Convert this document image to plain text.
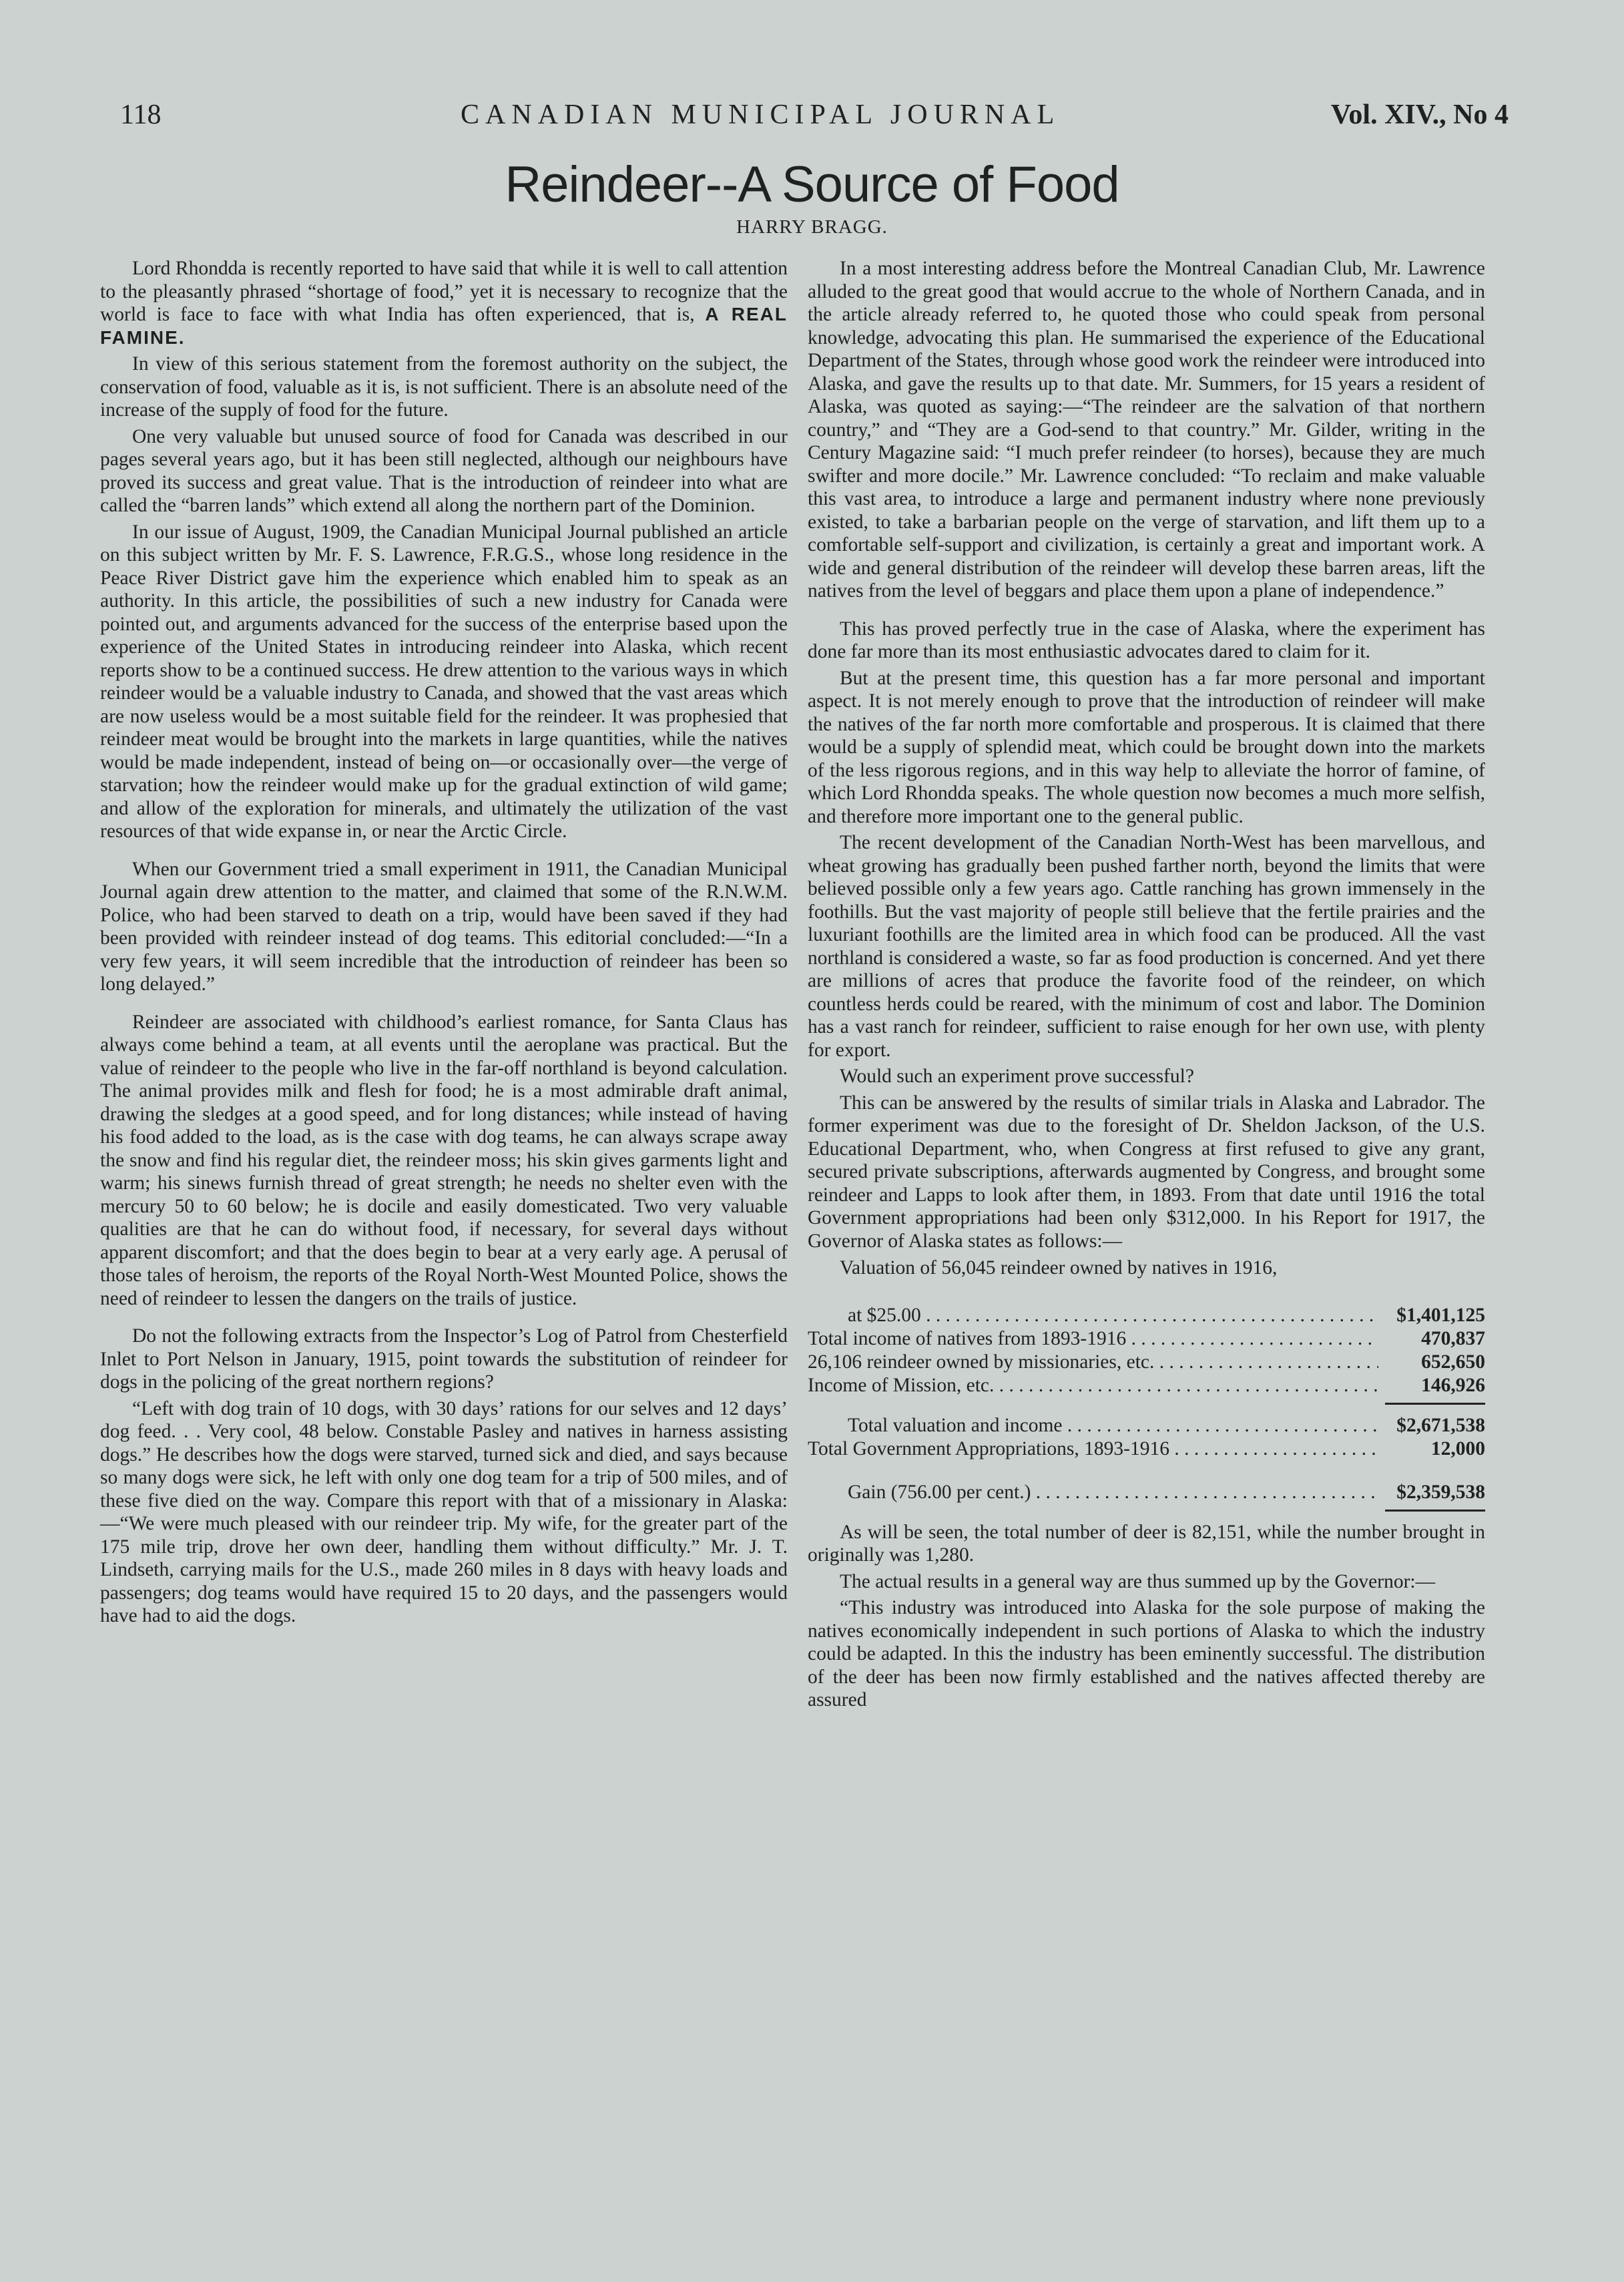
118	CANADIAN MUNICIPAL JOURNAL	Vol. XIV., No 4
Reindeer--A Source of Food
HARRY BRAGG.

Lord Rhondda is recently reported to have said that while it is well to call attention to the pleasantly phrased “shortage of food,” yet it is necessary to recognize that the world is face to face with what India has often experienced, that is, A REAL FAMINE.

In view of this serious statement from the foremost authority on the subject, the conservation of food, valuable as it is, is not sufficient. There is an absolute need of the increase of the supply of food for the future.

One very valuable but unused source of food for Canada was described in our pages several years ago, but it has been still neglected, although our neighbours have proved its success and great value. That is the introduction of reindeer into what are called the “barren lands” which extend all along the northern part of the Dominion.

In our issue of August, 1909, the Canadian Municipal Journal published an article on this subject written by Mr. F. S. Lawrence, F.R.G.S., whose long residence in the Peace River District gave him the experience which enabled him to speak as an authority. In this article, the possibilities of such a new industry for Canada were pointed out, and arguments advanced for the success of the enterprise based upon the experience of the United States in introducing reindeer into Alaska, which recent reports show to be a continued success. He drew attention to the various ways in which reindeer would be a valuable industry to Canada, and showed that the vast areas which are now useless would be a most suitable field for the reindeer. It was prophesied that reindeer meat would be brought into the markets in large quantities, while the natives would be made independent, instead of being on—or occasionally over—the verge of starvation; how the reindeer would make up for the gradual extinction of wild game; and allow of the exploration for minerals, and ultimately the utilization of the vast resources of that wide expanse in, or near the Arctic Circle.

When our Government tried a small experiment in 1911, the Canadian Municipal Journal again drew attention to the matter, and claimed that some of the R.N.W.M. Police, who had been starved to death on a trip, would have been saved if they had been provided with reindeer instead of dog teams. This editorial concluded:—“In a very few years, it will seem incredible that the introduction of reindeer has been so long delayed.”

Reindeer are associated with childhood’s earliest romance, for Santa Claus has always come behind a team, at all events until the aeroplane was practical. But the value of reindeer to the people who live in the far-off northland is beyond calculation. The animal provides milk and flesh for food; he is a most admirable draft animal, drawing the sledges at a good speed, and for long distances; while instead of having his food added to the load, as is the case with dog teams, he can always scrape away the snow and find his regular diet, the reindeer moss; his skin gives garments light and warm; his sinews furnish thread of great strength; he needs no shelter even with the mercury 50 to 60 below; he is docile and easily domesticated. Two very valuable qualities are that he can do without food, if necessary, for several days without apparent discomfort; and that the does begin to bear at a very early age. A perusal of those tales of heroism, the reports of the Royal North-West Mounted Police, shows the need of reindeer to lessen the dangers on the trails of justice.

Do not the following extracts from the Inspector’s Log of Patrol from Chesterfield Inlet to Port Nelson in January, 1915, point towards the substitution of reindeer for dogs in the policing of the great northern regions?

“Left with dog train of 10 dogs, with 30 days’ rations for our selves and 12 days’ dog feed. . . Very cool, 48 below. Constable Pasley and natives in harness assisting dogs.” He describes how the dogs were starved, turned sick and died, and says because so many dogs were sick, he left with only one dog team for a trip of 500 miles, and of these five died on the way. Compare this report with that of a missionary in Alaska:—“We were much pleased with our reindeer trip. My wife, for the greater part of the 175 mile trip, drove her own deer, handling them without difficulty.” Mr. J. T. Lindseth, carrying mails for the U.S., made 260 miles in 8 days with heavy loads and passengers; dog teams would have required 15 to 20 days, and the passengers would have had to aid the dogs.

In a most interesting address before the Montreal Canadian Club, Mr. Lawrence alluded to the great good that would accrue to the whole of Northern Canada, and in the article already referred to, he quoted those who could speak from personal knowledge, advocating this plan. He summarised the experience of the Educational Department of the States, through whose good work the reindeer were introduced into Alaska, and gave the results up to that date. Mr. Summers, for 15 years a resident of Alaska, was quoted as saying:—“The reindeer are the salvation of that northern country,” and “They are a God-send to that country.” Mr. Gilder, writing in the Century Magazine said: “I much prefer reindeer (to horses), because they are much swifter and more docile.” Mr. Lawrence concluded: “To reclaim and make valuable this vast area, to introduce a large and permanent industry where none previously existed, to take a barbarian people on the verge of starvation, and lift them up to a comfortable self-support and civilization, is certainly a great and important work. A wide and general distribution of the reindeer will develop these barren areas, lift the natives from the level of beggars and place them upon a plane of independence.”

This has proved perfectly true in the case of Alaska, where the experiment has done far more than its most enthusiastic advocates dared to claim for it.

But at the present time, this question has a far more personal and important aspect. It is not merely enough to prove that the introduction of reindeer will make the natives of the far north more comfortable and prosperous. It is claimed that there would be a supply of splendid meat, which could be brought down into the markets of the less rigorous regions, and in this way help to alleviate the horror of famine, of which Lord Rhondda speaks. The whole question now becomes a much more selfish, and therefore more important one to the general public.

The recent development of the Canadian North-West has been marvellous, and wheat growing has gradually been pushed farther north, beyond the limits that were believed possible only a few years ago. Cattle ranching has grown immensely in the foothills. But the vast majority of people still believe that the fertile prairies and the luxuriant foothills are the limited area in which food can be produced. All the vast northland is considered a waste, so far as food production is concerned. And yet there are millions of acres that produce the favorite food of the reindeer, on which countless herds could be reared, with the minimum of cost and labor. The Dominion has a vast ranch for reindeer, sufficient to raise enough for her own use, with plenty for export.

Would such an experiment prove successful?

This can be answered by the results of similar trials in Alaska and Labrador. The former experiment was due to the foresight of Dr. Sheldon Jackson, of the U.S. Educational Department, who, when Congress at first refused to give any grant, secured private subscriptions, afterwards augmented by Congress, and brought some reindeer and Lapps to look after them, in 1893. From that date until 1916 the total Government appropriations had been only $312,000. In his Report for 1917, the Governor of Alaska states as follows:—

Valuation of 56,045 reindeer owned by natives in 1916,
at $25.00 . . .	$1,401,125
Total income of natives from 1893-1916 . . .	470,837
26,106 reindeer owned by missionaries, etc. . . .	652,650
Income of Mission, etc. . . .	146,926
Total valuation and income . . .	$2,671,538
Total Government Appropriations, 1893-1916 . . .	12,000
Gain (756.00 per cent.) . . .	$2,359,538

As will be seen, the total number of deer is 82,151, while the number brought in originally was 1,280.

The actual results in a general way are thus summed up by the Governor:—

“This industry was introduced into Alaska for the sole purpose of making the natives economically independent in such portions of Alaska to which the industry could be adapted. In this the industry has been eminently successful. The distribution of the deer has been now firmly established and the natives affected thereby are assured
